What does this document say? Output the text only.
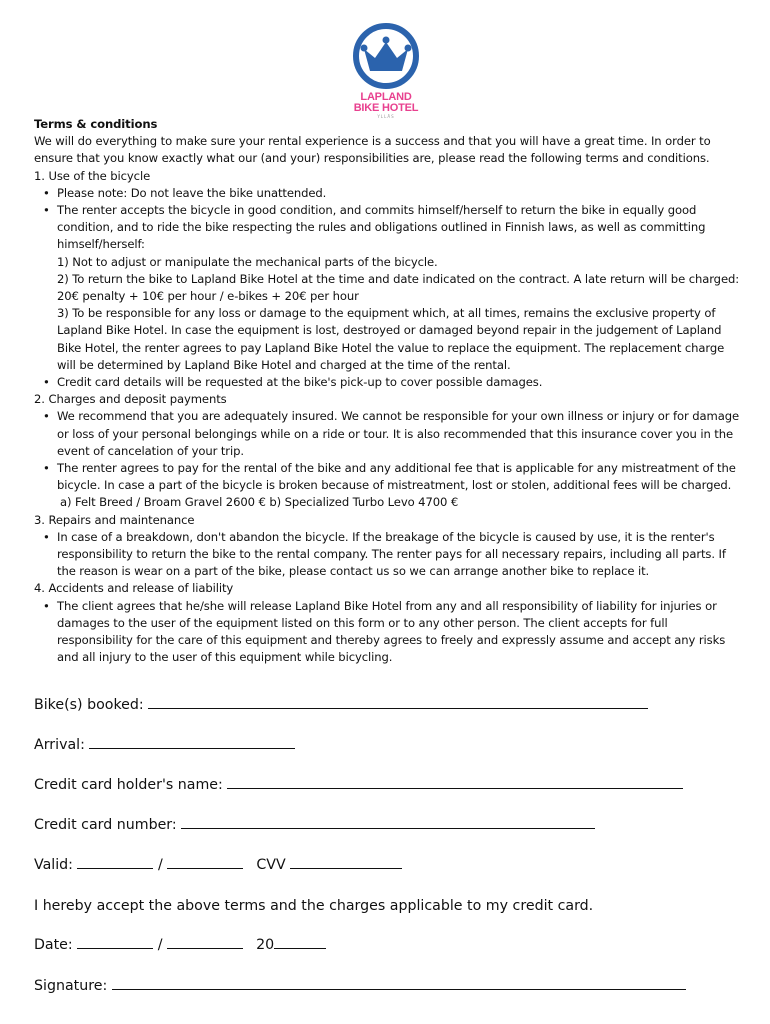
LAPLAND
BIKE HOTEL
YLLÄS

Terms & conditions

We will do everything to make sure your rental experience is a success and that you will have a great time. In order to ensure that you know exactly what our (and your) responsibilities are, please read the following terms and conditions.

1. Use of the bicycle

• Please note: Do not leave the bike unattended.
• The renter accepts the bicycle in good condition, and commits himself/herself to return the bike in equally good condition, and to ride the bike respecting the rules and obligations outlined in Finnish laws, as well as committing himself/herself:

1) Not to adjust or manipulate the mechanical parts of the bicycle.

2) To return the bike to Lapland Bike Hotel at the time and date indicated on the contract. A late return will be charged: 20€ penalty + 10€ per hour / e-bikes + 20€ per hour

3) To be responsible for any loss or damage to the equipment which, at all times, remains the exclusive property of Lapland Bike Hotel. In case the equipment is lost, destroyed or damaged beyond repair in the judgement of Lapland Bike Hotel, the renter agrees to pay Lapland Bike Hotel the value to replace the equipment. The replacement charge will be determined by Lapland Bike Hotel and charged at the time of the rental.

• Credit card details will be requested at the bike's pick-up to cover possible damages.

2. Charges and deposit payments

• We recommend that you are adequately insured. We cannot be responsible for your own illness or injury or for damage or loss of your personal belongings while on a ride or tour. It is also recommended that this insurance cover you in the event of cancelation of your trip.
• The renter agrees to pay for the rental of the bike and any additional fee that is applicable for any mistreatment of the bicycle. In case a part of the bicycle is broken because of mistreatment, lost or stolen, additional fees will be charged.

a) Felt Breed / Broam Gravel 2600 € b) Specialized Turbo Levo 4700 €

3. Repairs and maintenance

• In case of a breakdown, don't abandon the bicycle. If the breakage of the bicycle is caused by use, it is the renter's responsibility to return the bike to the rental company. The renter pays for all necessary repairs, including all parts. If the reason is wear on a part of the bike, please contact us so we can arrange another bike to replace it.

4. Accidents and release of liability

• The client agrees that he/she will release Lapland Bike Hotel from any and all responsibility of liability for injuries or damages to the user of the equipment listed on this form or to any other person. The client accepts for full responsibility for the care of this equipment and thereby agrees to freely and expressly assume and accept any risks and all injury to the user of this equipment while bicycling.
Bike(s) booked:
Arrival:
Credit card holder's name:
Credit card number:
Valid:	/	CVV
I hereby accept the above terms and the charges applicable to my credit card.
Date:	/	20
Signature:
